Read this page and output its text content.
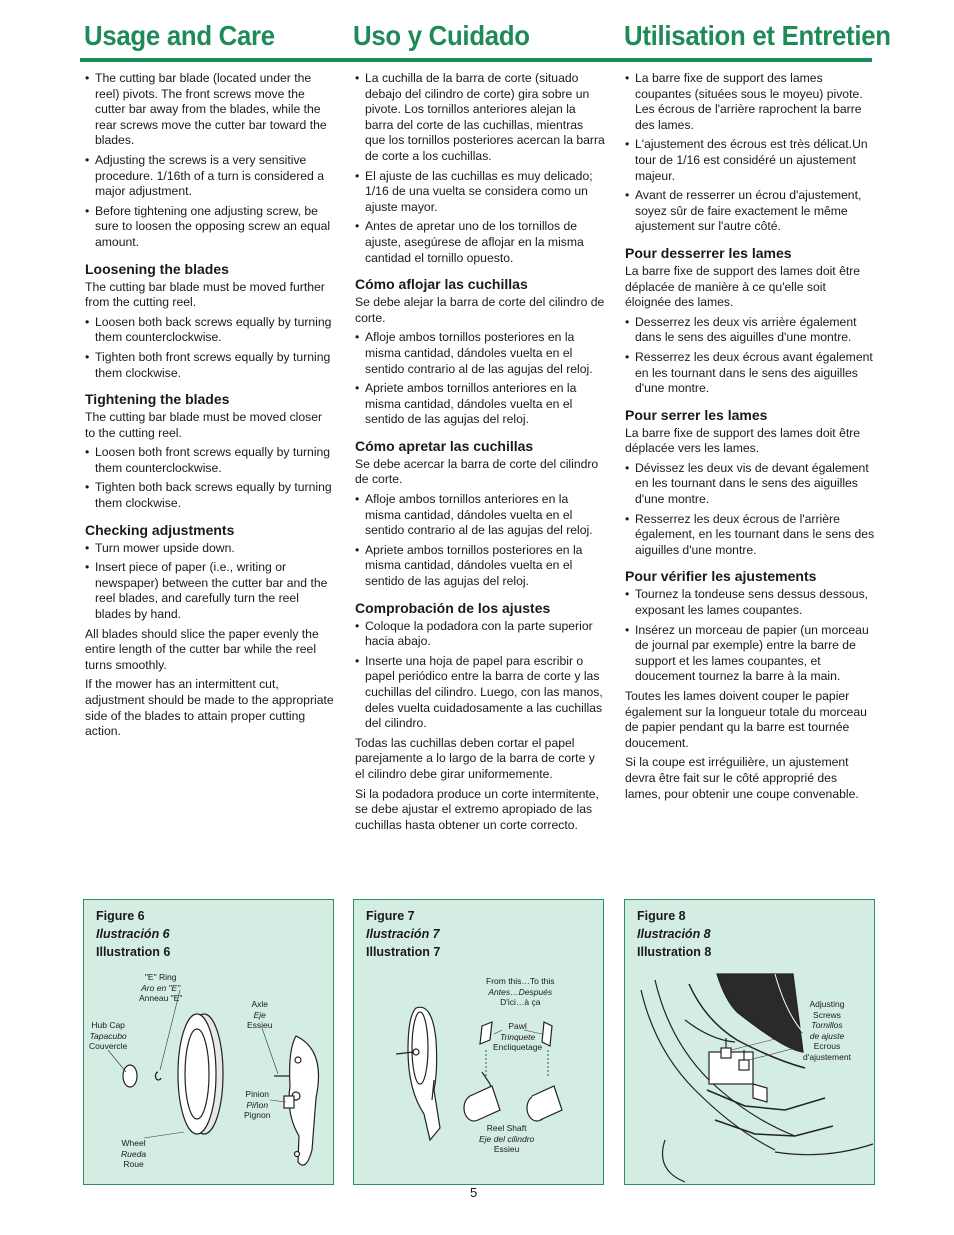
Usage and Care	Uso y Cuidado	Utilisation et Entretien
• The cutting bar blade (located under the reel) pivots. The front screws move the cutter bar away from the blades, while the rear screws move the cutter bar toward the blades.
• Adjusting the screws is a very sensitive procedure. 1/16th of a turn is considered a major adjustment.
• Before tightening one adjusting screw, be sure to loosen the opposing screw an equal amount.
Loosening the blades

The cutting bar blade must be moved further from the cutting reel.

• Loosen both back screws equally by turning them counterclockwise.
• Tighten both front screws equally by turning them clockwise.
Tightening the blades

The cutting bar blade must be moved closer to the cutting reel.

• Loosen both front screws equally by turning them counterclockwise.
• Tighten both back screws equally by turning them clockwise.
Checking adjustments
• Turn mower upside down.
• Insert piece of paper (i.e., writing or newspaper) between the cutter bar and the reel blades, and carefully turn the reel blades by hand.

All blades should slice the paper evenly the entire length of the cutter bar while the reel turns smoothly.

If the mower has an intermittent cut, adjustment should be made to the appropriate side of the blades to attain proper cutting action.

• La cuchilla de la barra de corte (situado debajo del cilindro de corte) gira sobre un pivote. Los tornillos anteriores alejan la barra del corte de las cuchillas, mientras que los tornillos posteriores acercan la barra de corte a los cuchillas.
• El ajuste de las cuchillas es muy delicado; 1/16 de una vuelta se considera como un ajuste mayor.
• Antes de apretar uno de los tornillos de ajuste, asegúrese de aflojar en la misma cantidad el tornillo opuesto.
Cómo aflojar las cuchillas

Se debe alejar la barra de corte del cilindro de corte.

• Afloje ambos tornillos posteriores en la misma cantidad, dándoles vuelta en el sentido contrario al de las agujas del reloj.
• Apriete ambos tornillos anteriores en la misma cantidad, dándoles vuelta en el sentido de las agujas del reloj.
Cómo apretar las cuchillas

Se debe acercar la barra de corte del cilindro de corte.

• Afloje ambos tornillos anteriores en la misma cantidad, dándoles vuelta en el sentido contrario al de las agujas del reloj.
• Apriete ambos tornillos posteriores en la misma cantidad, dándoles vuelta en el sentido de las agujas del reloj.
Comprobación de los ajustes
• Coloque la podadora con la parte superior hacia abajo.
• Inserte una hoja de papel para escribir o papel periódico entre la barra de corte y las cuchillas del cilindro. Luego, con las manos, deles vuelta cuidadosamente a las cuchillas del cilindro.

Todas las cuchillas deben cortar el papel parejamente a lo largo de la barra de corte y el cilindro debe girar uniformemente.

Si la podadora produce un corte intermitente, se debe ajustar el extremo apropiado de las cuchillas hasta obtener un corte correcto.

• La barre fixe de support des lames coupantes (situées sous le moyeu) pivote. Les écrous de l'arrière raprochent la barre des lames.
• L'ajustement des écrous est très délicat.Un tour de 1/16 est considéré un ajustement majeur.
• Avant de resserrer un écrou d'ajustement, soyez sûr de faire exactement le même ajustement sur l'autre côté.
Pour desserrer les lames

La barre fixe de support des lames doit être déplacée de manière à ce qu'elle soit éloignée des lames.

• Desserrez les deux vis arrière également dans le sens des aiguilles d'une montre.
• Resserrez les deux écrous avant également en les tournant dans le sens des aiguilles d'une montre.
Pour serrer les lames

La barre fixe de support des lames doit être déplacée vers les lames.

• Dévissez les deux vis de devant également en les tournant dans le sens des aiguilles d'une montre.
• Resserrez les deux écrous de l'arrière également, en les tournant dans le sens des aiguilles d'une montre.
Pour vérifier les ajustements
• Tournez la tondeuse sens dessus dessous, exposant les lames coupantes.
• Insérez un morceau de papier (un morceau de journal par exemple) entre la barre de support et les lames coupantes, et doucement tournez la barre à la main.

Toutes les lames doivent couper le papier également sur la longueur totale du morceau de papier pendant qu la barre est tournée doucement.

Si la coupe est irréguilière, un ajustement devra être fait sur le côté approprié des lames, pour obtenir une coupe convenable.

Figure 6
Ilustración 6
Illustration 6
"E" Ring
Aro en "E"
Anneau "E"
Hub Cap
Tapacubo
Couvercle
Axle
Eje
Essieu
Pinion
Piñon
Pignon
Wheel
Rueda
Roue
Figure 7
Ilustración 7
Illustration 7
From this…To this
Antes…Después
D'ici…à ça
Pawl
Trinquete
Encliquetage
Reel Shaft
Eje del cilindro
Essieu
Figure 8
Ilustración 8
Illustration 8
Adjusting
Screws
Tornillos
de ajuste
Ecrous
d'ajustement
5
